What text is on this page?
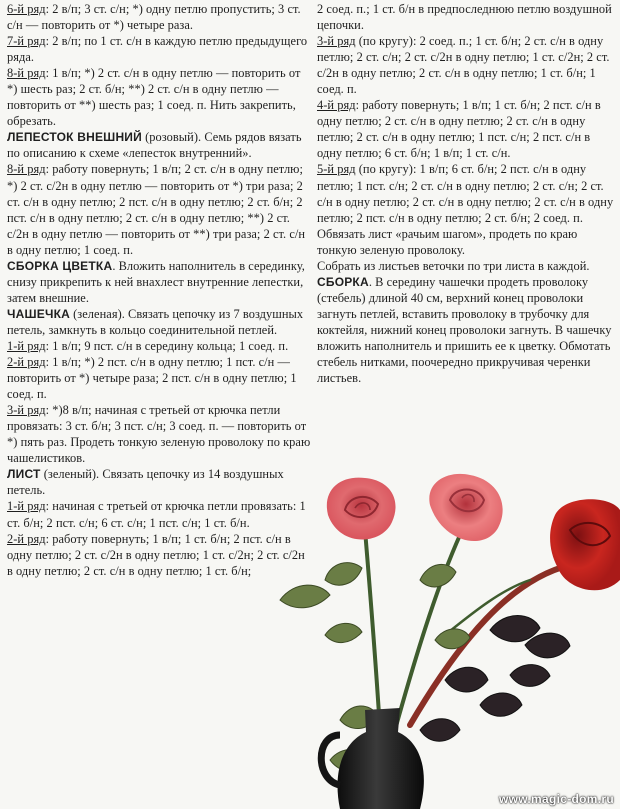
6-й ряд: 2 в/п; 3 ст. с/н; *) одну петлю пропустить; 3 ст. с/н — повторить от *) четыре раза.

7-й ряд: 2 в/п; по 1 ст. с/н в каждую петлю предыдущего ряда.

8-й ряд: 1 в/п; *) 2 ст. с/н в одну петлю — повторить от *) шесть раз; 2 ст. б/н; **) 2 ст. с/н в одну петлю — повторить от **) шесть раз; 1 соед. п. Нить закрепить, обрезать.

ЛЕПЕСТОК ВНЕШНИЙ (розовый). Семь рядов вязать по описанию к схеме «лепесток внутренний».

8-й ряд: работу повернуть; 1 в/п; 2 ст. с/н в одну петлю; *) 2 ст. с/2н в одну петлю — повторить от *) три раза; 2 ст. с/н в одну петлю; 2 пст. с/н в одну петлю; 2 ст. б/н; 2 пст. с/н в одну петлю; 2 ст. с/н в одну петлю; **) 2 ст. с/2н в одну петлю — повторить от **) три раза; 2 ст. с/н в одну петлю; 1 соед. п.

СБОРКА ЦВЕТКА. Вложить наполнитель в серединку, снизу прикрепить к ней внахлест внутренние лепестки, затем внешние.

ЧАШЕЧКА (зеленая). Связать цепочку из 7 воздушных петель, замкнуть в кольцо соединительной петлей.

1-й ряд: 1 в/п; 9 пст. с/н в середину кольца; 1 соед. п.

2-й ряд: 1 в/п; *) 2 пст. с/н в одну петлю; 1 пст. с/н — повторить от *) четыре раза; 2 пст. с/н в одну петлю; 1 соед. п.

3-й ряд: *)8 в/п; начиная с третьей от крючка петли провязать: 3 ст. б/н; 3 пст. с/н; 3 соед. п. — повторить от *) пять раз. Продеть тонкую зеленую проволоку по краю чашелистиков.

ЛИСТ (зеленый). Связать цепочку из 14 воздушных петель.

1-й ряд: начиная с третьей от крючка петли провязать: 1 ст. б/н; 2 пст. с/н; 6 ст. с/н; 1 пст. с/н; 1 ст. б/н.

2-й ряд: работу повернуть; 1 в/п; 1 ст. б/н; 2 пст. с/н в одну петлю; 2 ст. с/2н в одну петлю; 1 ст. с/2н; 2 ст. с/2н в одну петлю; 2 ст. с/н в одну петлю; 1 ст. б/н;

2 соед. п.; 1 ст. б/н в предпоследнюю петлю воздушной цепочки.

3-й ряд (по кругу): 2 соед. п.; 1 ст. б/н; 2 ст. с/н в одну петлю; 2 ст. с/н; 2 ст. с/2н в одну петлю; 1 ст. с/2н; 2 ст. с/2н в одну петлю; 2 ст. с/н в одну петлю; 1 ст. б/н; 1 соед. п.

4-й ряд: работу повернуть; 1 в/п; 1 ст. б/н; 2 пст. с/н в одну петлю; 2 ст. с/н в одну петлю; 2 ст. с/н в одну петлю; 2 ст. с/н в одну петлю; 1 пст. с/н; 2 пст. с/н в одну петлю; 6 ст. б/н; 1 в/п; 1 ст. с/н.

5-й ряд (по кругу): 1 в/п; 6 ст. б/н; 2 пст. с/н в одну петлю; 1 пст. с/н; 2 ст. с/н в одну петлю; 2 ст. с/н; 2 ст. с/н в одну петлю; 2 ст. с/н в одну петлю; 2 ст. с/н в одну петлю; 2 пст. с/н в одну петлю; 2 ст. б/н; 2 соед. п.

Обвязать лист «рачьим шагом», продеть по краю тонкую зеленую проволоку.

Собрать из листьев веточки по три листа в каждой.

СБОРКА. В середину чашечки продеть проволоку (стебель) длиной 40 см, верхний конец проволоки загнуть петлей, вставить проволоку в трубочку для коктейля, нижний конец проволоки загнуть. В чашечку вложить наполнитель и пришить ее к цветку. Обмотать стебель нитками, поочередно прикручивая черенки листьев.

www.magic-dom.ru
